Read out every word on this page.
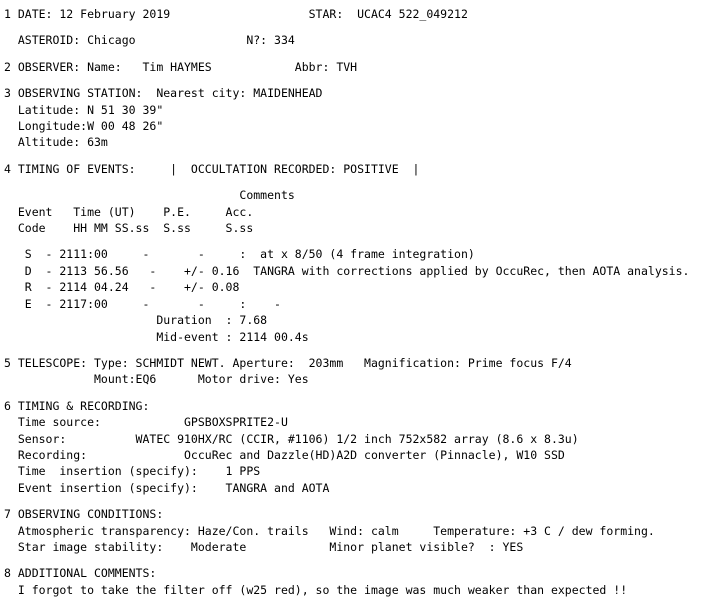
1 DATE: 12 February 2019                    STAR:  UCAC4 522_049212
ASTEROID: Chicago                N?: 334
2 OBSERVER: Name:   Tim HAYMES            Abbr: TVH
3 OBSERVING STATION:  Nearest city: MAIDENHEAD
Latitude: N 51 30 39"
Longitude:W 00 48 26"
Altitude: 63m
4 TIMING OF EVENTS:     |  OCCULTATION RECORDED: POSITIVE  |
Comments
Event   Time (UT)    P.E.     Acc.
Code    HH MM SS.ss  S.ss     S.ss
S  - 2111:00     -       -     :  at x 8/50 (4 frame integration)
D  - 2113 56.56   -    +/- 0.16  TANGRA with corrections applied by OccuRec, then AOTA analysis.
R  - 2114 04.24   -    +/- 0.08
E  - 2117:00     -       -     :    -
Duration  : 7.68
Mid-event : 2114 00.4s
5 TELESCOPE: Type: SCHMIDT NEWT. Aperture:  203mm   Magnification: Prime focus F/4
Mount:EQ6      Motor drive: Yes
6 TIMING & RECORDING:
Time source:            GPSBOXSPRITE2-U
Sensor:          WATEC 910HX/RC (CCIR, #1106) 1/2 inch 752x582 array (8.6 x 8.3u)
Recording:              OccuRec and Dazzle(HD)A2D converter (Pinnacle), W10 SSD
Time  insertion (specify):    1 PPS
Event insertion (specify):    TANGRA and AOTA
7 OBSERVING CONDITIONS:
Atmospheric transparency: Haze/Con. trails   Wind: calm     Temperature: +3 C / dew forming.
Star image stability:    Moderate            Minor planet visible?  : YES
8 ADDITIONAL COMMENTS:
I forgot to take the filter off (w25 red), so the image was much weaker than expected !!
